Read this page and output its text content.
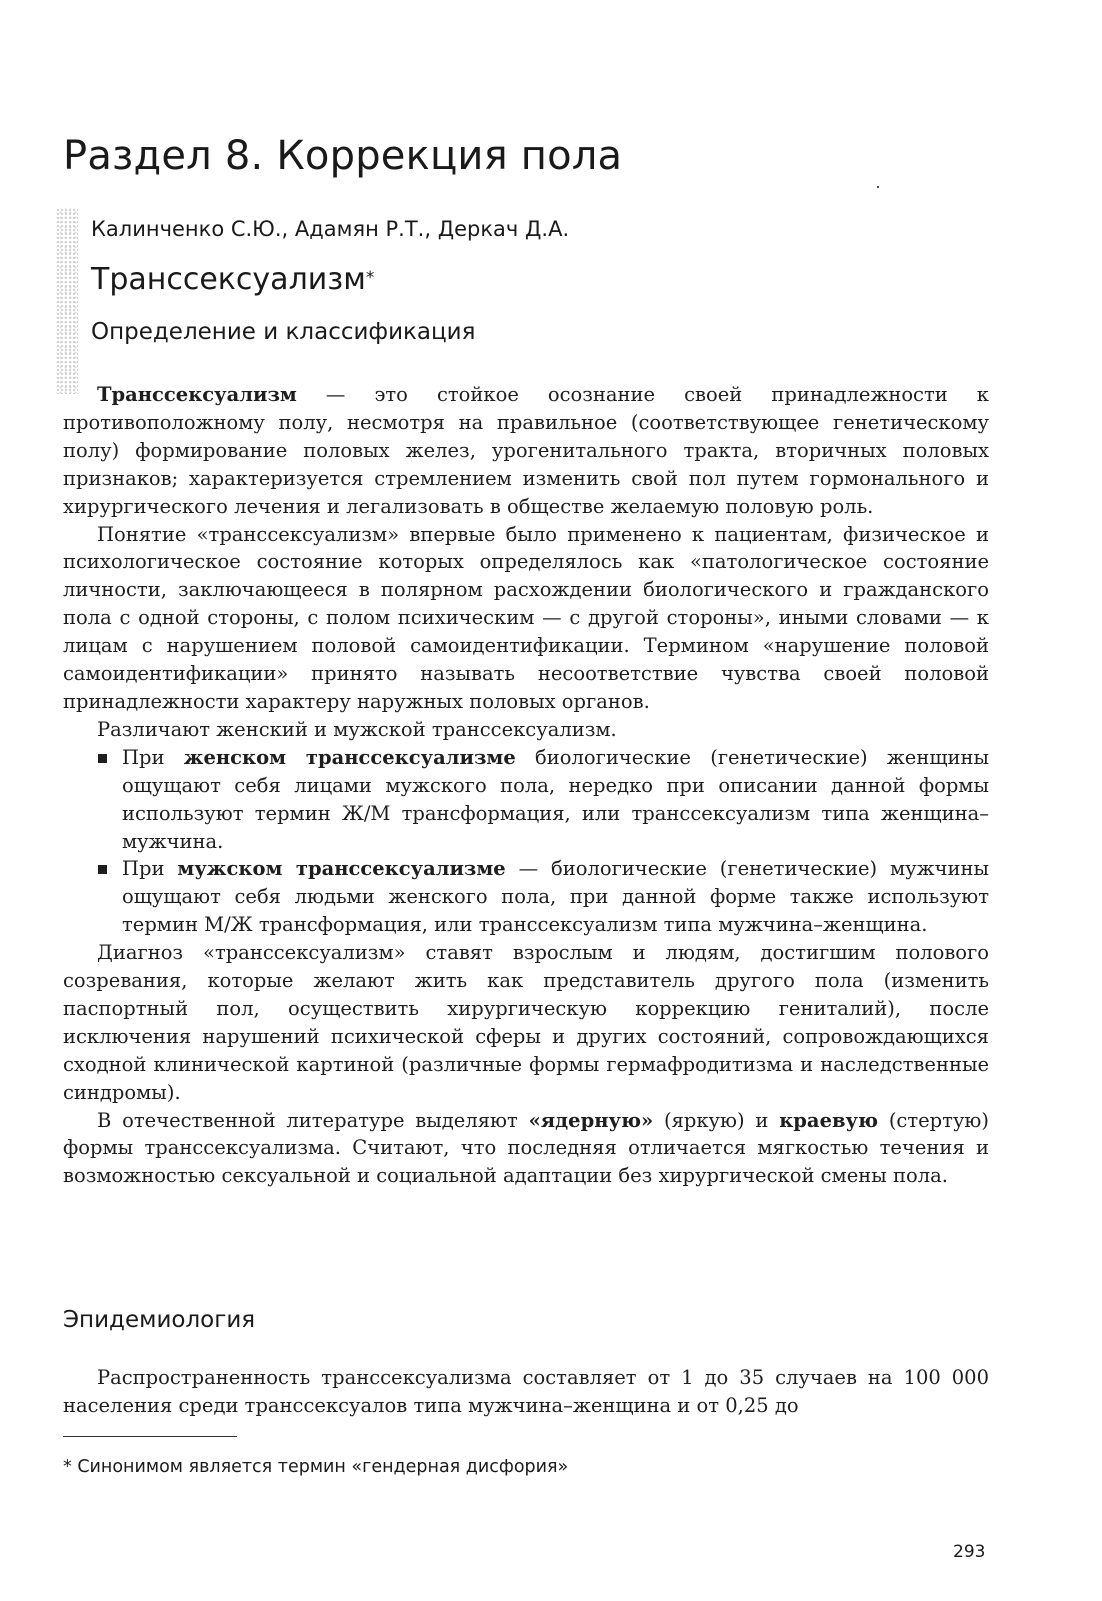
Раздел 8. Коррекция пола

Калинченко С.Ю., Адамян Р.Т., Деркач Д.А.

Транссексуализм*
Определение и классификация

Транссексуализм — это стойкое осознание своей принадлежности к противоположному полу, несмотря на правильное (соответствующее генетическому полу) формирование половых желез, урогенитального тракта, вторичных половых признаков; характеризуется стремлением изменить свой пол путем гормонального и хирургического лечения и легализовать в обществе желаемую половую роль.

Понятие «транссексуализм» впервые было применено к пациентам, физическое и психологическое состояние которых определялось как «патологическое состояние личности, заключающееся в полярном расхождении биологического и гражданского пола с одной стороны, с полом психическим — с другой стороны», иными словами — к лицам с нарушением половой самоидентификации. Термином «нарушение половой самоидентификации» принято называть несоответствие чувства своей половой принадлежности характеру наружных половых органов.

Различают женский и мужской транссексуализм.

При женском транссексуализме биологические (генетические) женщины ощущают себя лицами мужского пола, нередко при описании данной формы используют термин Ж/М трансформация, или транссексуализм типа женщина–мужчина.
При мужском транссексуализме — биологические (генетические) мужчины ощущают себя людьми женского пола, при данной форме также используют термин М/Ж трансформация, или транссексуализм типа мужчина–женщина.

Диагноз «транссексуализм» ставят взрослым и людям, достигшим полового созревания, которые желают жить как представитель другого пола (изменить паспортный пол, осуществить хирургическую коррекцию гениталий), после исключения нарушений психической сферы и других состояний, сопровождающихся сходной клинической картиной (различные формы гермафродитизма и наследственные синдромы).

В отечественной литературе выделяют «ядерную» (яркую) и краевую (стертую) формы транссексуализма. Считают, что последняя отличается мягкостью течения и возможностью сексуальной и социальной адаптации без хирургической смены пола.

Эпидемиология

Распространенность транссексуализма составляет от 1 до 35 случаев на 100 000 населения среди транссексуалов типа мужчина–женщина и от 0,25 до

* Синонимом является термин «гендерная дисфория»

293
